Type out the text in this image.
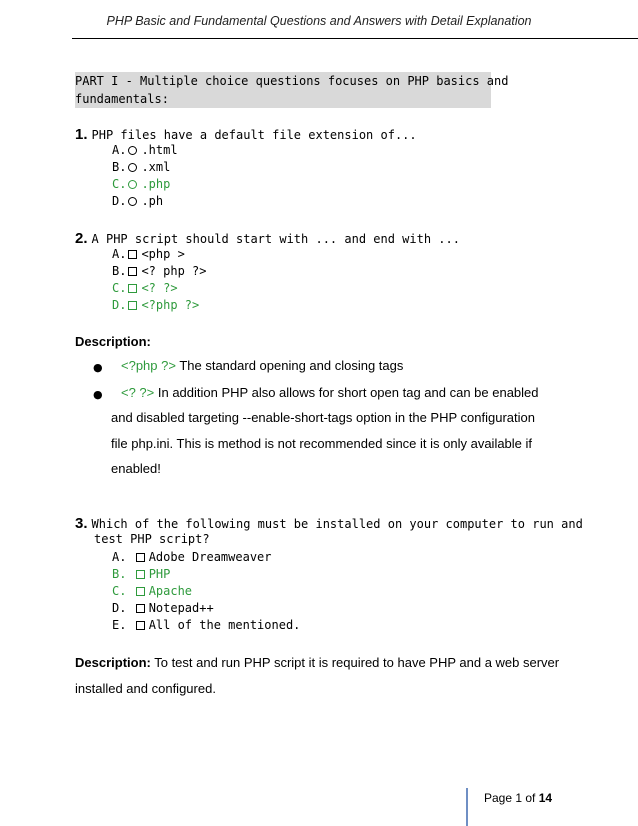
PHP Basic and Fundamental Questions and Answers with Detail Explanation
PART I - Multiple choice questions focuses on PHP basics and
fundamentals:
1. PHP files have a default file extension of...
A. .html
B. .xml
C. .php
D. .ph
2. A PHP script should start with ... and end with ...
A. <php >
B. <? php ?>
C. <? ?>
D. <?php ?>
Description:
● <?php ?> The standard opening and closing tags
● <? ?> In addition PHP also allows for short open tag and can be enabled
and disabled targeting --enable-short-tags option in the PHP configuration
file php.ini. This is method is not recommended since it is only available if
enabled!
3. Which of the following must be installed on your computer to run and
test PHP script?
A. Adobe Dreamweaver
B. PHP
C. Apache
D. Notepad++
E. All of the mentioned.
Description: To test and run PHP script it is required to have PHP and a web server
installed and configured.
Page 1 of 14
